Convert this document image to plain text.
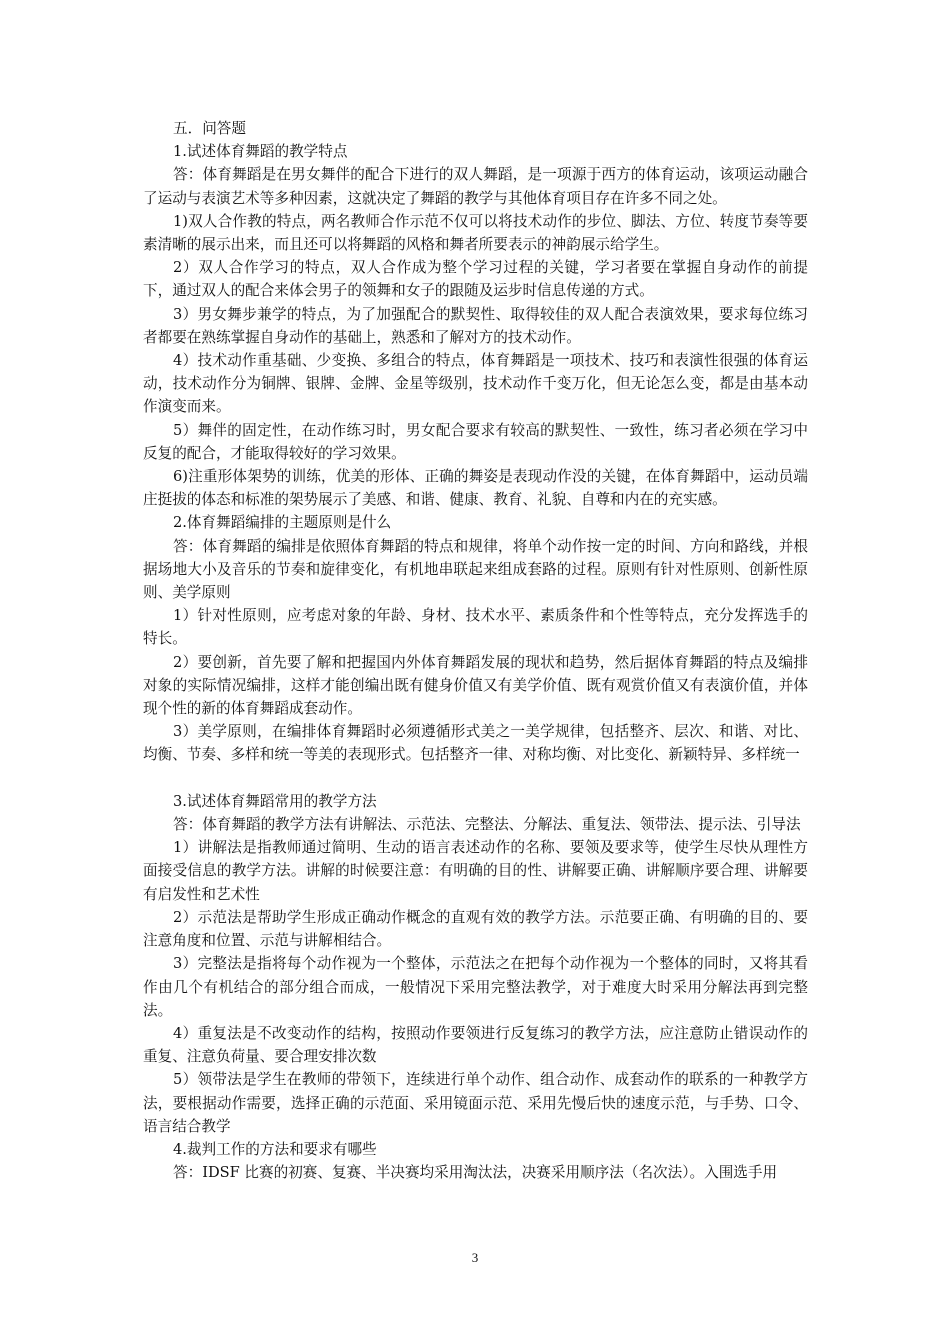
五．问答题

1.试述体育舞蹈的教学特点

答：体育舞蹈是在男女舞伴的配合下进行的双人舞蹈，是一项源于西方的体育运动，该项运动融合了运动与表演艺术等多种因素，这就决定了舞蹈的教学与其他体育项目存在许多不同之处。

1)双人合作教的特点，两名教师合作示范不仅可以将技术动作的步位、脚法、方位、转度节奏等要素清晰的展示出来，而且还可以将舞蹈的风格和舞者所要表示的神韵展示给学生。

2）双人合作学习的特点，双人合作成为整个学习过程的关键，学习者要在掌握自身动作的前提下，通过双人的配合来体会男子的领舞和女子的跟随及运步时信息传递的方式。

3）男女舞步兼学的特点，为了加强配合的默契性、取得较佳的双人配合表演效果，要求每位练习者都要在熟练掌握自身动作的基础上，熟悉和了解对方的技术动作。

4）技术动作重基础、少变换、多组合的特点，体育舞蹈是一项技术、技巧和表演性很强的体育运动，技术动作分为铜牌、银牌、金牌、金星等级别，技术动作千变万化，但无论怎么变，都是由基本动作演变而来。

5）舞伴的固定性，在动作练习时，男女配合要求有较高的默契性、一致性，练习者必须在学习中反复的配合，才能取得较好的学习效果。

6)注重形体架势的训练，优美的形体、正确的舞姿是表现动作没的关键，在体育舞蹈中，运动员端庄挺拔的体态和标准的架势展示了美感、和谐、健康、教育、礼貌、自尊和内在的充实感。

2.体育舞蹈编排的主题原则是什么

答：体育舞蹈的编排是依照体育舞蹈的特点和规律，将单个动作按一定的时间、方向和路线，并根据场地大小及音乐的节奏和旋律变化，有机地串联起来组成套路的过程。原则有针对性原则、创新性原则、美学原则

1）针对性原则，应考虑对象的年龄、身材、技术水平、素质条件和个性等特点，充分发挥选手的特长。

2）要创新，首先要了解和把握国内外体育舞蹈发展的现状和趋势，然后据体育舞蹈的特点及编排对象的实际情况编排，这样才能创编出既有健身价值又有美学价值、既有观赏价值又有表演价值，并体现个性的新的体育舞蹈成套动作。

3）美学原则，在编排体育舞蹈时必须遵循形式美之一美学规律，包括整齐、层次、和谐、对比、均衡、节奏、多样和统一等美的表现形式。包括整齐一律、对称均衡、对比变化、新颖特异、多样统一

3.试述体育舞蹈常用的教学方法

答：体育舞蹈的教学方法有讲解法、示范法、完整法、分解法、重复法、领带法、提示法、引导法

1）讲解法是指教师通过简明、生动的语言表述动作的名称、要领及要求等，使学生尽快从理性方面接受信息的教学方法。讲解的时候要注意：有明确的目的性、讲解要正确、讲解顺序要合理、讲解要有启发性和艺术性

2）示范法是帮助学生形成正确动作概念的直观有效的教学方法。示范要正确、有明确的目的、要注意角度和位置、示范与讲解相结合。

3）完整法是指将每个动作视为一个整体，示范法之在把每个动作视为一个整体的同时，又将其看作由几个有机结合的部分组合而成，一般情况下采用完整法教学，对于难度大时采用分解法再到完整法。

4）重复法是不改变动作的结构，按照动作要领进行反复练习的教学方法，应注意防止错误动作的重复、注意负荷量、要合理安排次数

5）领带法是学生在教师的带领下，连续进行单个动作、组合动作、成套动作的联系的一种教学方法，要根据动作需要，选择正确的示范面、采用镜面示范、采用先慢后快的速度示范，与手势、口令、语言结合教学

4.裁判工作的方法和要求有哪些

答：IDSF 比赛的初赛、复赛、半决赛均采用淘汰法，决赛采用顺序法（名次法）。入围选手用

3
